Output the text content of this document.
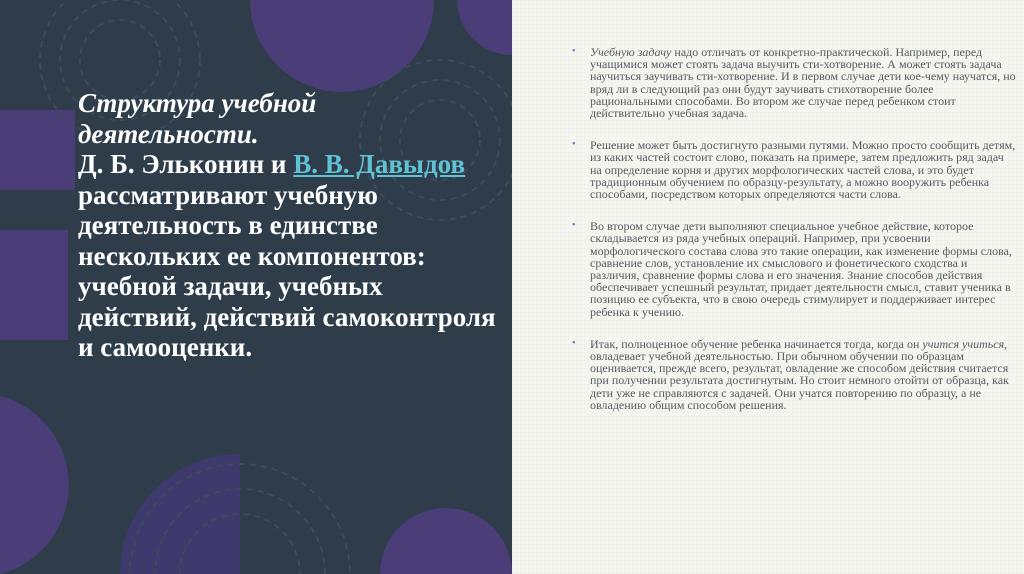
Структура учебной
деятельности.
Д. Б. Эльконин и В. В. Давыдов рассматривают учебную деятельность в единстве нескольких ее компонентов: учебной задачи, учебных действий, действий самоконтроля и самооценки.
• Учебную задачу надо отличать от конкретно-практической. Например, перед учащимися может стоять задача выучить сти-хотворение. А может стоять задача научиться заучивать сти-хотворение. И в первом случае дети кое-чему научатся, но вряд ли в следующий раз они будут заучивать стихотворение более рациональными способами. Во втором же случае перед ребенком стоит действительно учебная задача.
• Решение может быть достигнуто разными путями. Можно просто сообщить детям, из каких частей состоит слово, показать на примере, затем предложить ряд задач на определение корня и других морфологических частей слова, и это будет традиционным обучением по образцу-результату, а можно вооружить ребенка способами, посредством которых определяются части слова.
• Во втором случае дети выполняют специальное учебное действие, которое складывается из ряда учебных операций. Например, при усвоении морфологического состава слова это такие операции, как изменение формы слова, сравнение слов, установление их смыслового и фонетического сходства и различия, сравнение формы слова и его значения. Знание способов действия обеспечивает успешный результат, придает деятельности смысл, ставит ученика в позицию ее субъекта, что в свою очередь стимулирует и поддерживает интерес ребенка к учению.
• Итак, полноценное обучение ребенка начинается тогда, когда он учится учиться, овладевает учебной деятельностью. При обычном обучении по образцам оценивается, прежде всего, результат, овладение же способом действия считается при получении результата достигнутым. Но стоит немного отойти от образца, как дети уже не справляются с задачей. Они учатся повторению по образцу, а не овладению общим способом решения.
